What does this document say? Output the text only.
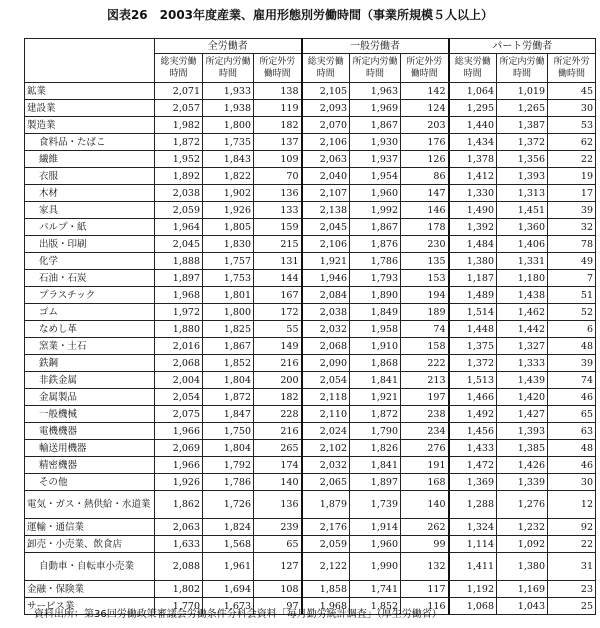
図表26　2003年度産業、雇用形態別労働時間（事業所規模５人以上）
	全労働者			一般労働者			パート労働者		
	総実労働時間	所定内労働時間	所定外労働時間	総実労働時間	所定内労働時間	所定外労働時間	総実労働時間	所定内労働時間	所定外労働時間
鉱業	2,071	1,933	138	2,105	1,963	142	1,064	1,019	45
建設業	2,057	1,938	119	2,093	1,969	124	1,295	1,265	30
製造業	1,982	1,800	182	2,070	1,867	203	1,440	1,387	53
食料品・たばこ	1,872	1,735	137	2,106	1,930	176	1,434	1,372	62
繊維	1,952	1,843	109	2,063	1,937	126	1,378	1,356	22
衣服	1,892	1,822	70	2,040	1,954	86	1,412	1,393	19
木材	2,038	1,902	136	2,107	1,960	147	1,330	1,313	17
家具	2,059	1,926	133	2,138	1,992	146	1,490	1,451	39
パルプ・紙	1,964	1,805	159	2,045	1,867	178	1,392	1,360	32
出版・印刷	2,045	1,830	215	2,106	1,876	230	1,484	1,406	78
化学	1,888	1,757	131	1,921	1,786	135	1,380	1,331	49
石油・石炭	1,897	1,753	144	1,946	1,793	153	1,187	1,180	7
プラスチック	1,968	1,801	167	2,084	1,890	194	1,489	1,438	51
ゴム	1,972	1,800	172	2,038	1,849	189	1,514	1,462	52
なめし革	1,880	1,825	55	2,032	1,958	74	1,448	1,442	6
窯業・土石	2,016	1,867	149	2,068	1,910	158	1,375	1,327	48
鉄鋼	2,068	1,852	216	2,090	1,868	222	1,372	1,333	39
非鉄金属	2,004	1,804	200	2,054	1,841	213	1,513	1,439	74
金属製品	2,054	1,872	182	2,118	1,921	197	1,466	1,420	46
一般機械	2,075	1,847	228	2,110	1,872	238	1,492	1,427	65
電機機器	1,966	1,750	216	2,024	1,790	234	1,456	1,393	63
輸送用機器	2,069	1,804	265	2,102	1,826	276	1,433	1,385	48
精密機器	1,966	1,792	174	2,032	1,841	191	1,472	1,426	46
その他	1,926	1,786	140	2,065	1,897	168	1,369	1,339	30
電気・ガス・熱供給・水道業	1,862	1,726	136	1,879	1,739	140	1,288	1,276	12
運輸・通信業	2,063	1,824	239	2,176	1,914	262	1,324	1,232	92
卸売・小売業、飲食店	1,633	1,568	65	2,059	1,960	99	1,114	1,092	22
自動車・自転車小売業	2,088	1,961	127	2,122	1,990	132	1,411	1,380	31
金融・保険業	1,802	1,694	108	1,858	1,741	117	1,192	1,169	23
サービス業	1,770	1,673	97	1,968	1,852	116	1,068	1,043	25
資料出所：第36回労働政策審議会労働条件分科会資料「毎月勤労統計調査」（厚生労働省）
